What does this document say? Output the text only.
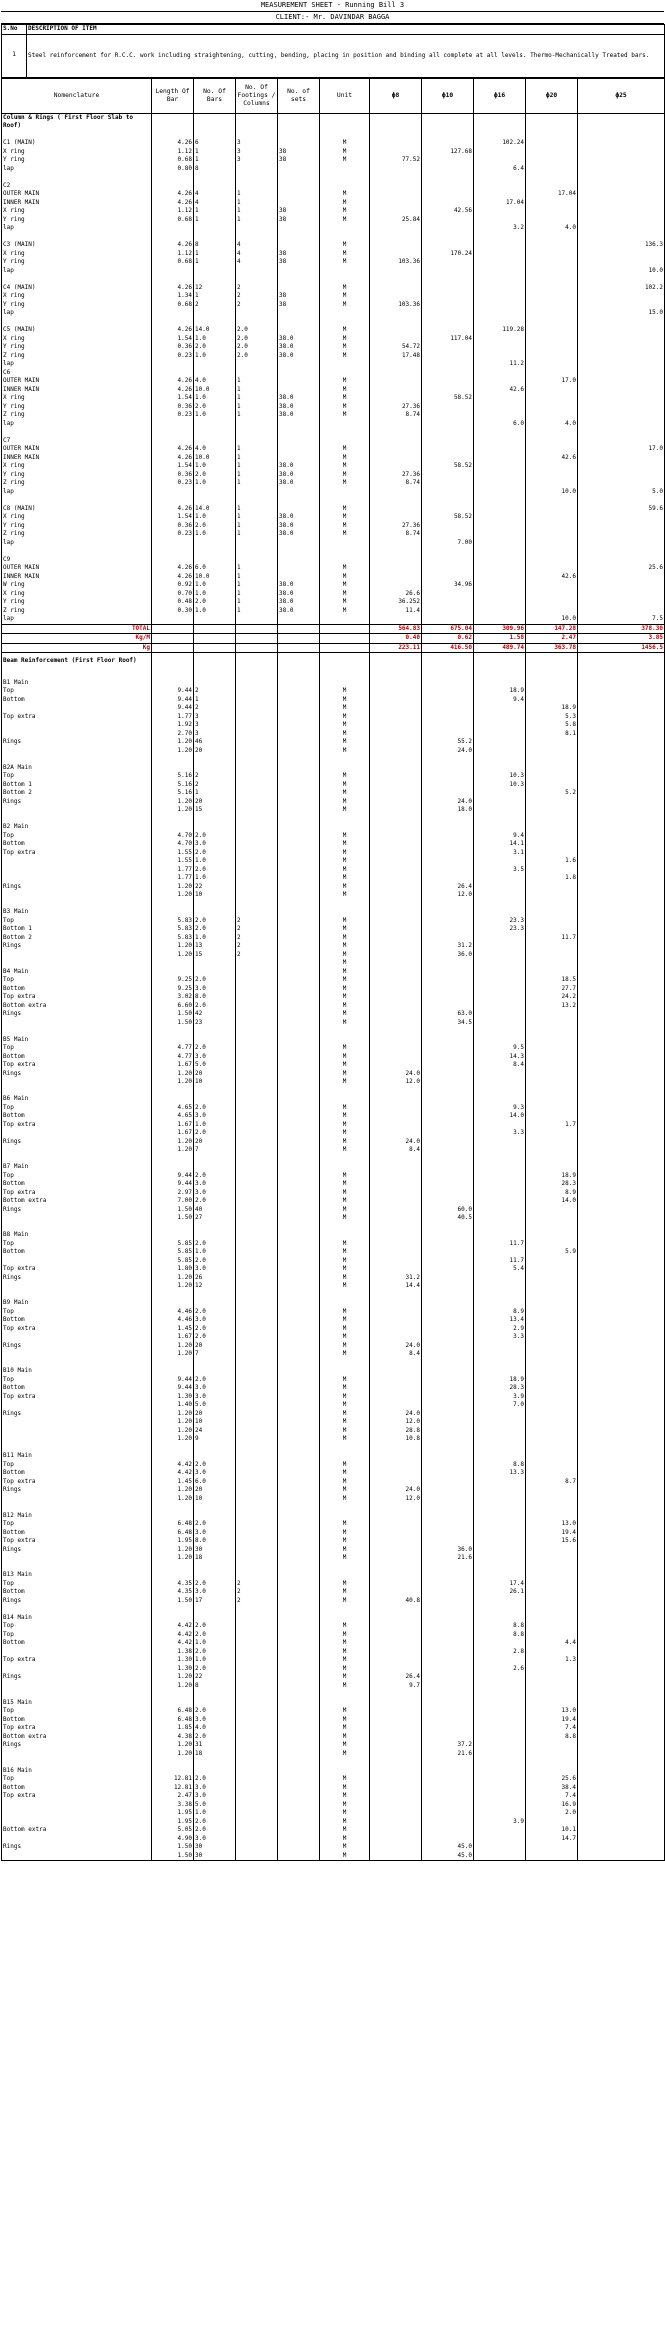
MEASUREMENT SHEET - Running Bill 3
CLIENT:- Mr. DAVINDAR BAGGA
S.No	DESCRIPTION OF ITEM
1	Steel reinforcement for R.C.C. work including straightening, cutting, bending, placing in position and binding all complete at all levels. Thermo-Mechanically Treated bars.
Nomenclature	Length Of Bar	No. Of Bars	No. Of Footings / Columns	No. of sets	Unit	ϕ8	ϕ10	ϕ16	ϕ20	ϕ25
Column & Rings ( First Floor Slab to Roof)										

C1 (MAIN)	4.26	6	3		M			102.24		
X ring	1.12	1	3	38	M		127.68			
Y ring	0.68	1	3	38	M	77.52				
lap	0.80	8						6.4		

C2										
OUTER MAIN	4.26	4	1		M				17.04	
INNER MAIN	4.26	4	1		M			17.04		
X ring	1.12	1	1	38	M		42.56			
Y ring	0.68	1	1	38	M	25.84				
lap								3.2	4.0	

C3 (MAIN)	4.26	8	4		M					136.3
X ring	1.12	1	4	38	M		170.24			
Y ring	0.68	1	4	38	M	103.36				
lap										10.0

C4 (MAIN)	4.26	12	2		M					102.2
X ring	1.34	1	2	38	M					
Y ring	0.68	2	2	38	M	103.36				
lap										15.0

C5 (MAIN)	4.26	14.0	2.0		M			119.28		
X ring	1.54	1.0	2.0	38.0	M		117.04			
Y ring	0.36	2.0	2.0	38.0	M	54.72				
Z ring	0.23	1.0	2.0	38.0	M	17.48				
lap								11.2		
C6										
OUTER MAIN	4.26	4.0	1		M				17.0	
INNER MAIN	4.26	10.0	1		M			42.6		
X ring	1.54	1.0	1	38.0	M		58.52			
Y ring	0.36	2.0	1	38.0	M	27.36				
Z ring	0.23	1.0	1	38.0	M	8.74				
lap								6.0	4.0	

C7										
OUTER MAIN	4.26	4.0	1		M					17.0
INNER MAIN	4.26	10.0	1		M				42.6	
X ring	1.54	1.0	1	38.0	M		58.52			
Y ring	0.36	2.0	1	38.0	M	27.36				
Z ring	0.23	1.0	1	38.0	M	8.74				
lap									10.0	5.0

C8 (MAIN)	4.26	14.0	1		M					59.6
X ring	1.54	1.0	1	38.0	M		58.52			
Y ring	0.36	2.0	1	38.0	M	27.36				
Z ring	0.23	1.0	1	38.0	M	8.74				
lap							7.00			

C9										
OUTER MAIN	4.26	6.0	1		M					25.6
INNER MAIN	4.26	10.0	1		M				42.6	
W ring	0.92	1.0	1	38.0	M		34.96			
X ring	0.70	1.0	1	38.0	M	26.6				
Y ring	0.48	2.0	1	38.0	M	36.252				
Z ring	0.30	1.0	1	38.0	M	11.4				
lap									10.0	7.5
TOTAL						564.83	675.04	309.96	147.28	378.30
Kg/M						0.40	0.62	1.58	2.47	3.85
Kg						223.11	416.50	489.74	363.78	1456.5
Beam Reinforcement (First Floor Roof)										

B1 Main										
Top	9.44	2			M			18.9		
Bottom	9.44	1			M			9.4		
	9.44	2			M				18.9	
Top extra	1.77	3			M				5.3	
	1.92	3			M				5.8	
	2.70	3			M				8.1	
Rings	1.20	46			M		55.2			
	1.20	20			M		24.0			

B2A Main										
Top	5.16	2			M			10.3		
Bottom 1	5.16	2			M			10.3		
Bottom 2	5.16	1			M				5.2	
Rings	1.20	20			M		24.0			
	1.20	15			M		18.0			

B2 Main										
Top	4.70	2.0			M			9.4		
Bottom	4.70	3.0			M			14.1		
Top extra	1.55	2.0			M			3.1		
	1.55	1.0			M				1.6	
	1.77	2.0			M			3.5		
	1.77	1.0			M				1.8	
Rings	1.20	22			M		26.4			
	1.20	10			M		12.0			

B3 Main										
Top	5.83	2.0	2		M			23.3		
Bottom 1	5.83	2.0	2		M			23.3		
Bottom 2	5.83	1.0	2		M				11.7	
Rings	1.20	13	2		M		31.2			
	1.20	15	2		M		36.0			
					M					
B4 Main					M					
Top	9.25	2.0			M				18.5	
Bottom	9.25	3.0			M				27.7	
Top extra	3.02	8.0			M				24.2	
Bottom extra	6.60	2.0			M				13.2	
Rings	1.50	42			M		63.0			
	1.50	23			M		34.5			

B5 Main										
Top	4.77	2.0			M			9.5		
Bottom	4.77	3.0			M			14.3		
Top extra	1.67	5.0			M			8.4		
Rings	1.20	20			M	24.0				
	1.20	10			M	12.0				

B6 Main										
Top	4.65	2.0			M			9.3		
Bottom	4.65	3.0			M			14.0		
Top extra	1.67	1.0			M				1.7	
	1.67	2.0			M			3.3		
Rings	1.20	20			M	24.0				
	1.20	7			M	8.4				

B7 Main										
Top	9.44	2.0			M				18.9	
Bottom	9.44	3.0			M				28.3	
Top extra	2.97	3.0			M				8.9	
Bottom extra	7.00	2.0			M				14.0	
Rings	1.50	40			M		60.0			
	1.50	27			M		40.5			

B8 Main										
Top	5.85	2.0			M			11.7		
Bottom	5.85	1.0			M				5.9	
	5.85	2.0			M			11.7		
Top extra	1.80	3.0			M			5.4		
Rings	1.20	26			M	31.2				
	1.20	12			M	14.4				

B9 Main										
Top	4.46	2.0			M			8.9		
Bottom	4.46	3.0			M			13.4		
Top extra	1.45	2.0			M			2.9		
	1.67	2.0			M			3.3		
Rings	1.20	20			M	24.0				
	1.20	7			M	8.4				

B10 Main										
Top	9.44	2.0			M			18.9		
Bottom	9.44	3.0			M			28.3		
Top extra	1.30	3.0			M			3.9		
	1.40	5.0			M			7.0		
Rings	1.20	20			M	24.0				
	1.20	10			M	12.0				
	1.20	24			M	28.8				
	1.20	9			M	10.8				

B11 Main										
Top	4.42	2.0			M			8.8		
Bottom	4.42	3.0			M			13.3		
Top extra	1.45	6.0			M				8.7	
Rings	1.20	20			M	24.0				
	1.20	10			M	12.0				

B12 Main										
Top	6.48	2.0			M				13.0	
Bottom	6.48	3.0			M				19.4	
Top extra	1.95	8.0			M				15.6	
Rings	1.20	30			M		36.0			
	1.20	18			M		21.6			

B13 Main										
Top	4.35	2.0	2		M			17.4		
Bottom	4.35	3.0	2		M			26.1		
Rings	1.50	17	2		M	40.8				

B14 Main										
Top	4.42	2.0			M			8.8		
Top	4.42	2.0			M			8.8		
Bottom	4.42	1.0			M				4.4	
	1.38	2.0			M			2.8		
Top extra	1.30	1.0			M				1.3	
	1.30	2.0			M			2.6		
Rings	1.20	22			M	26.4				
	1.20	8			M	9.7				

B15 Main										
Top	6.48	2.0			M				13.0	
Bottom	6.48	3.0			M				19.4	
Top extra	1.85	4.0			M				7.4	
Bottom extra	4.38	2.0			M				8.8	
Rings	1.20	31			M		37.2			
	1.20	18			M		21.6			

B16 Main										
Top	12.81	2.0			M				25.6	
Bottom	12.81	3.0			M				38.4	
Top extra	2.47	3.0			M				7.4	
	3.38	5.0			M				16.9	
	1.95	1.0			M				2.0	
	1.95	2.0			M			3.9		
Bottom extra	5.05	2.0			M				10.1	
	4.90	3.0			M				14.7	
Rings	1.50	30			M		45.0			
	1.50	30			M		45.0			
